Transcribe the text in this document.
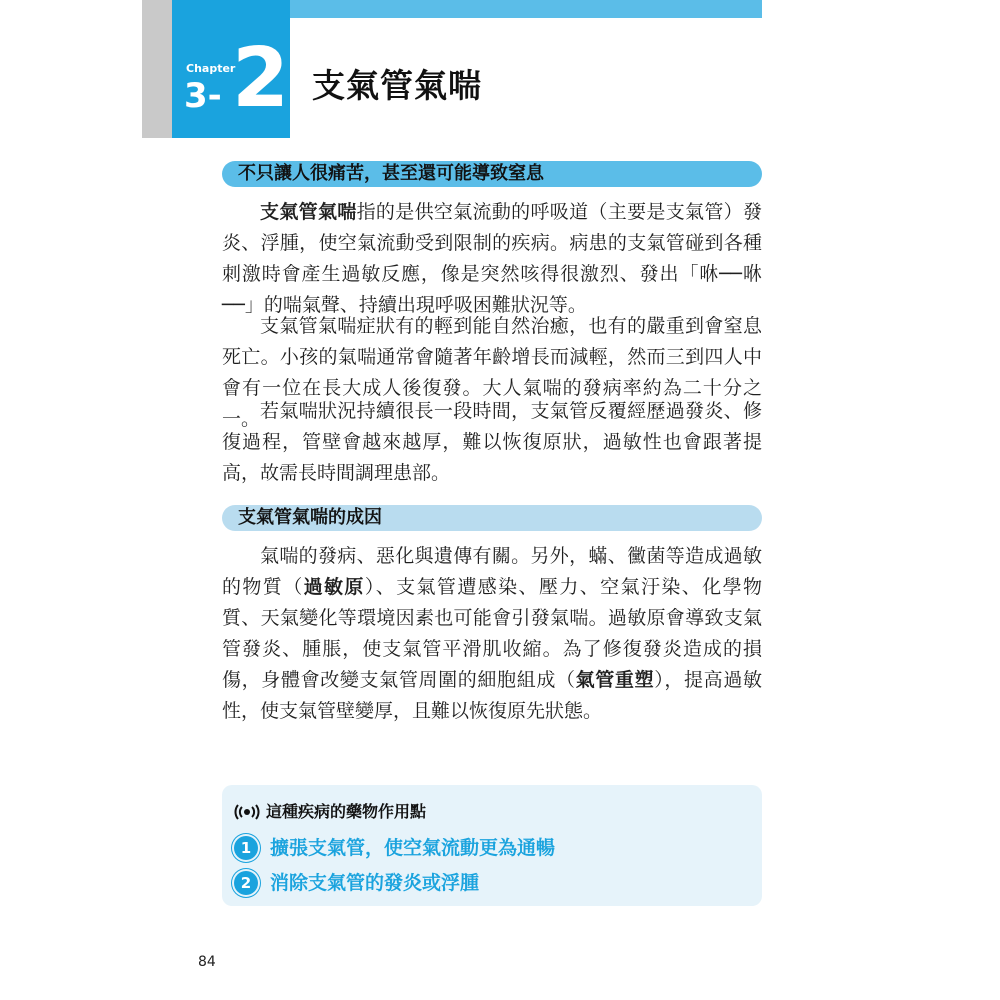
Chapter
3- 2 支氣管氣喘
不只讓人很痛苦，甚至還可能導致窒息

支氣管氣喘指的是供空氣流動的呼吸道（主要是支氣管）發炎、浮腫，使空氣流動受到限制的疾病。病患的支氣管碰到各種刺激時會產生過敏反應，像是突然咳得很激烈、發出「咻──咻──」的喘氣聲、持續出現呼吸困難狀況等。

支氣管氣喘症狀有的輕到能自然治癒，也有的嚴重到會窒息死亡。小孩的氣喘通常會隨著年齡增長而減輕，然而三到四人中會有一位在長大成人後復發。大人氣喘的發病率約為二十分之一。 若氣喘狀況持續很長一段時間，支氣管反覆經歷過發炎、修復過程，管壁會越來越厚，難以恢復原狀，過敏性也會跟著提高，故需長時間調理患部。

支氣管氣喘的成因

氣喘的發病、惡化與遺傳有關。另外，蟎、黴菌等造成過敏的物質（過敏原）、支氣管遭感染、壓力、空氣汙染、化學物質、天氣變化等環境因素也可能會引發氣喘。過敏原會導致支氣管發炎、腫脹，使支氣管平滑肌收縮。為了修復發炎造成的損傷，身體會改變支氣管周圍的細胞組成（氣管重塑），提高過敏性，使支氣管壁變厚，且難以恢復原先狀態。

這種疾病的藥物作用點
1 擴張支氣管，使空氣流動更為通暢
2 消除支氣管的發炎或浮腫
84
